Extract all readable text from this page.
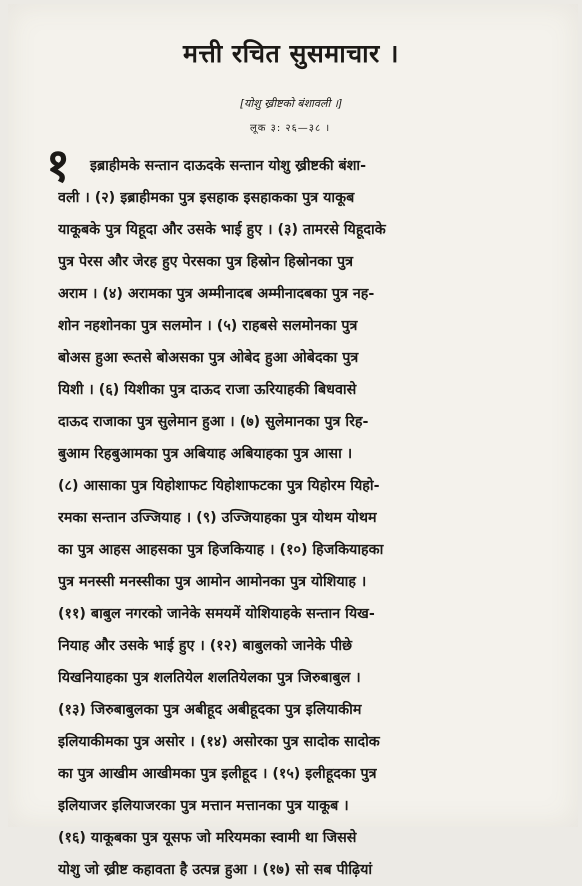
मत्ती रचित सुसमाचार ।
[योशु ख्रीष्टको बंशावली ।]
लूक ३: २६—३८ ।
१	इब्राहीमके सन्तान दाऊदके सन्तान योशु ख्रीष्टकी बंशा-
वली । (२) इब्राहीमका पुत्र इसहाक इसहाकका पुत्र याकूब
याकूबके पुत्र यिहूदा और उसके भाई हुए । (३) तामरसे यिहूदाके
पुत्र पेरस और जेरह हुए पेरसका पुत्र हिस्रोन हिस्रोनका पुत्र
अराम । (४) अरामका पुत्र अम्मीनादब अम्मीनादबका पुत्र नह-
शोन नहशोनका पुत्र सलमोन । (५) राहबसे सलमोनका पुत्र
बोअस हुआ रूतसे बोअसका पुत्र ओबेद हुआ ओबेदका पुत्र
यिशी । (६) यिशीका पुत्र दाऊद राजा ऊरियाहकी बिधवासे
दाऊद राजाका पुत्र सुलेमान हुआ । (७) सुलेमानका पुत्र रिह-
बुआम रिहबुआमका पुत्र अबियाह अबियाहका पुत्र आसा ।
(८) आसाका पुत्र यिहोशाफट यिहोशाफटका पुत्र यिहोरम यिहो-
रमका सन्तान उज्जियाह । (९) उज्जियाहका पुत्र योथम योथम
का पुत्र आहस आहसका पुत्र हिजकियाह । (१०) हिजकियाहका
पुत्र मनस्सी मनस्सीका पुत्र आमोन आमोनका पुत्र योशियाह ।
(११) बाबुल नगरको जानेके समयमें योशियाहके सन्तान यिख-
नियाह और उसके भाई हुए । (१२) बाबुलको जानेके पीछे
यिखनियाहका पुत्र शलतियेल शलतियेलका पुत्र जिरुबाबुल ।
(१३) जिरुबाबुलका पुत्र अबीहूद अबीहूदका पुत्र इलियाकीम
इलियाकीमका पुत्र असोर । (१४) असोरका पुत्र सादोक सादोक
का पुत्र आखीम आखीमका पुत्र इलीहूद । (१५) इलीहूदका पुत्र
इलियाजर इलियाजरका पुत्र मत्तान मत्तानका पुत्र याकूब ।
(१६) याकूबका पुत्र यूसफ जो मरियमका स्वामी था जिससे
योशु जो ख्रीष्ट कहावता है उत्पन्न हुआ । (१७) सो सब पीढ़ियां
